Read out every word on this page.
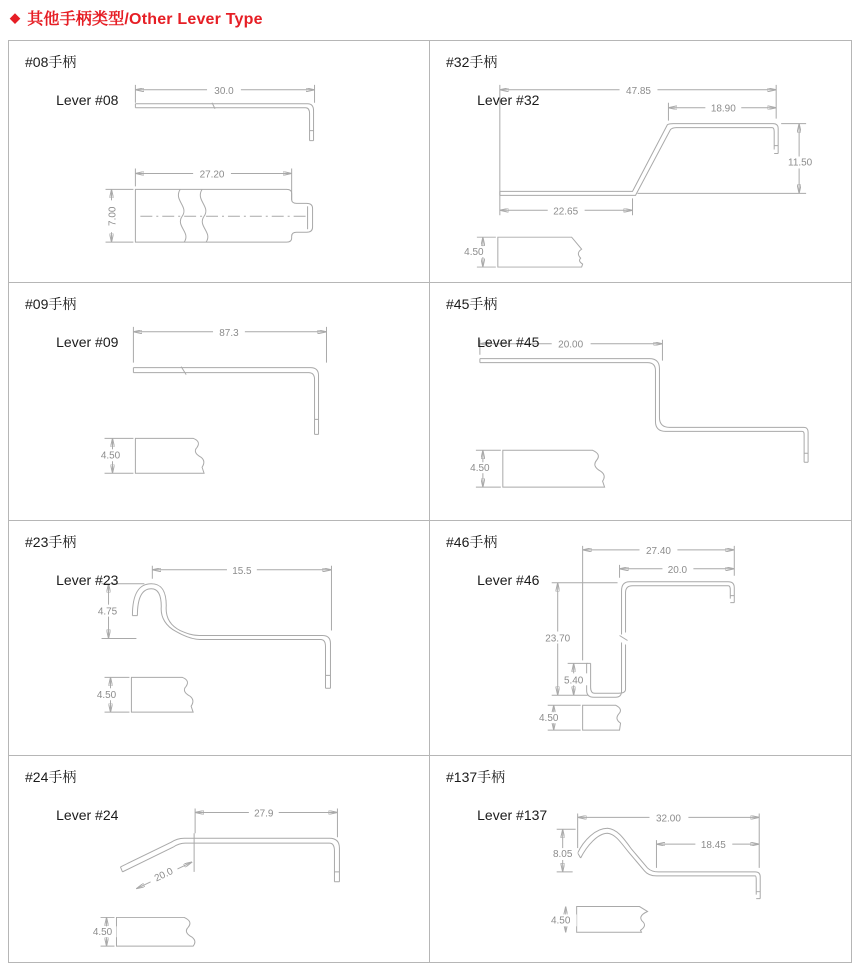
◆ 其他手柄类型/Other Lever Type
#08手柄

Lever #08
30.0
27.20
7.00
#32手柄

Lever #32
47.85
18.90
11.50
22.65
4.50
#09手柄

Lever #09
87.3
4.50
#45手柄

Lever #45 20.00
4.50
#23手柄

Lever #23
15.5
4.75
4.50
#46手柄

Lever #46
27.40
20.0
23.70
5.40
4.50
#24手柄

Lever #24	27.9
20.0
4.50
#137手柄

Lever #137	32.00
18.45
8.05
4.50
